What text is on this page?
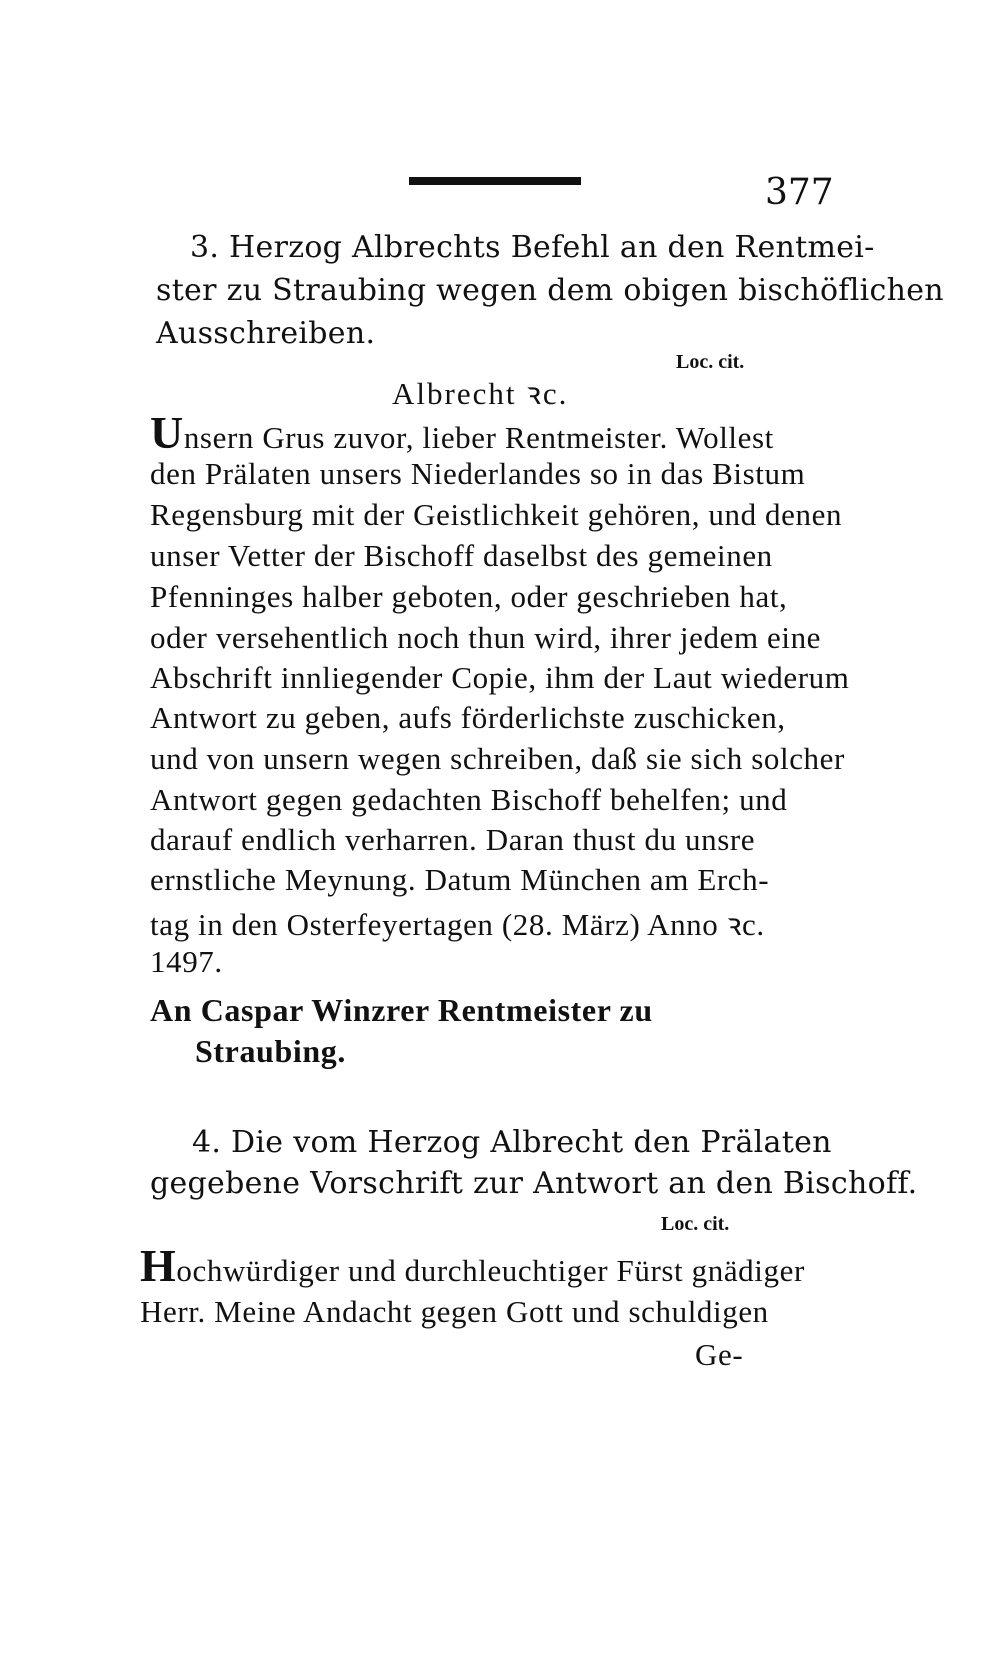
377
3. Herzog Albrechts Befehl an den Rentmei-
ster zu Straubing wegen dem obigen bischöflichen
Ausschreiben.
Loc. cit.
Albrecht ꝛc.
Unsern Grus zuvor, lieber Rentmeister. Wollest
den Prälaten unsers Niederlandes so in das Bistum
Regensburg mit der Geistlichkeit gehören, und denen
unser Vetter der Bischoff daselbst des gemeinen
Pfenninges halber geboten, oder geschrieben hat,
oder versehentlich noch thun wird, ihrer jedem eine
Abschrift innliegender Copie, ihm der Laut wiederum
Antwort zu geben, aufs förderlichste zuschicken,
und von unsern wegen schreiben, daß sie sich solcher
Antwort gegen gedachten Bischoff behelfen; und
darauf endlich verharren. Daran thust du unsre
ernstliche Meynung. Datum München am Erch-
tag in den Osterfeyertagen (28. März) Anno ꝛc.
1497.
An Caspar Winzrer Rentmeister zu
Straubing.
4. Die vom Herzog Albrecht den Prälaten
gegebene Vorschrift zur Antwort an den Bischoff.
Loc. cit.
Hochwürdiger und durchleuchtiger Fürst gnädiger
Herr. Meine Andacht gegen Gott und schuldigen
Ge-
